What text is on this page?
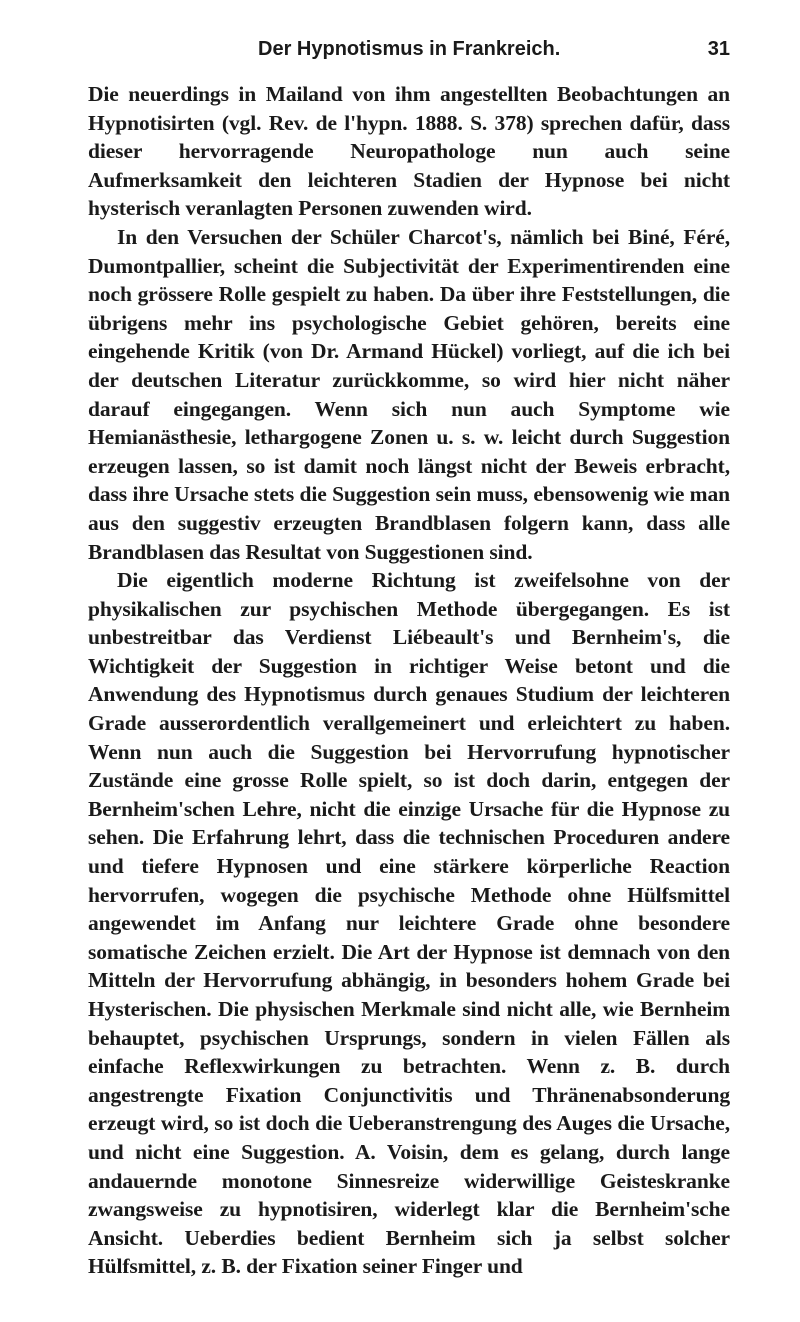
Der Hypnotismus in Frankreich.	31

Die neuerdings in Mailand von ihm angestellten Beobachtungen an Hypnotisirten (vgl. Rev. de l'hypn. 1888. S. 378) sprechen dafür, dass dieser hervorragende Neuropathologe nun auch seine Aufmerksamkeit den leichteren Stadien der Hypnose bei nicht hysterisch veranlagten Personen zuwenden wird.

In den Versuchen der Schüler Charcot's, nämlich bei Biné, Féré, Dumontpallier, scheint die Subjectivität der Experimentirenden eine noch grössere Rolle gespielt zu haben. Da über ihre Feststellungen, die übrigens mehr ins psychologische Gebiet gehören, bereits eine eingehende Kritik (von Dr. Armand Hückel) vorliegt, auf die ich bei der deutschen Literatur zurückkomme, so wird hier nicht näher darauf eingegangen. Wenn sich nun auch Symptome wie Hemianästhesie, lethargogene Zonen u. s. w. leicht durch Suggestion erzeugen lassen, so ist damit noch längst nicht der Beweis erbracht, dass ihre Ursache stets die Suggestion sein muss, ebensowenig wie man aus den suggestiv erzeugten Brandblasen folgern kann, dass alle Brandblasen das Resultat von Suggestionen sind.

Die eigentlich moderne Richtung ist zweifelsohne von der physikalischen zur psychischen Methode übergegangen. Es ist unbestreitbar das Verdienst Liébeault's und Bernheim's, die Wichtigkeit der Suggestion in richtiger Weise betont und die Anwendung des Hypnotismus durch genaues Studium der leichteren Grade ausserordentlich verallgemeinert und erleichtert zu haben. Wenn nun auch die Suggestion bei Hervorrufung hypnotischer Zustände eine grosse Rolle spielt, so ist doch darin, entgegen der Bernheim'schen Lehre, nicht die einzige Ursache für die Hypnose zu sehen. Die Erfahrung lehrt, dass die technischen Proceduren andere und tiefere Hypnosen und eine stärkere körperliche Reaction hervorrufen, wogegen die psychische Methode ohne Hülfsmittel angewendet im Anfang nur leichtere Grade ohne besondere somatische Zeichen erzielt. Die Art der Hypnose ist demnach von den Mitteln der Hervorrufung abhängig, in besonders hohem Grade bei Hysterischen. Die physischen Merkmale sind nicht alle, wie Bernheim behauptet, psychischen Ursprungs, sondern in vielen Fällen als einfache Reflexwirkungen zu betrachten. Wenn z. B. durch angestrengte Fixation Conjunctivitis und Thränenabsonderung erzeugt wird, so ist doch die Ueberanstrengung des Auges die Ursache, und nicht eine Suggestion. A. Voisin, dem es gelang, durch lange andauernde monotone Sinnesreize widerwillige Geisteskranke zwangsweise zu hypnotisiren, widerlegt klar die Bernheim'sche Ansicht. Ueberdies bedient Bernheim sich ja selbst solcher Hülfsmittel, z. B. der Fixation seiner Finger und
